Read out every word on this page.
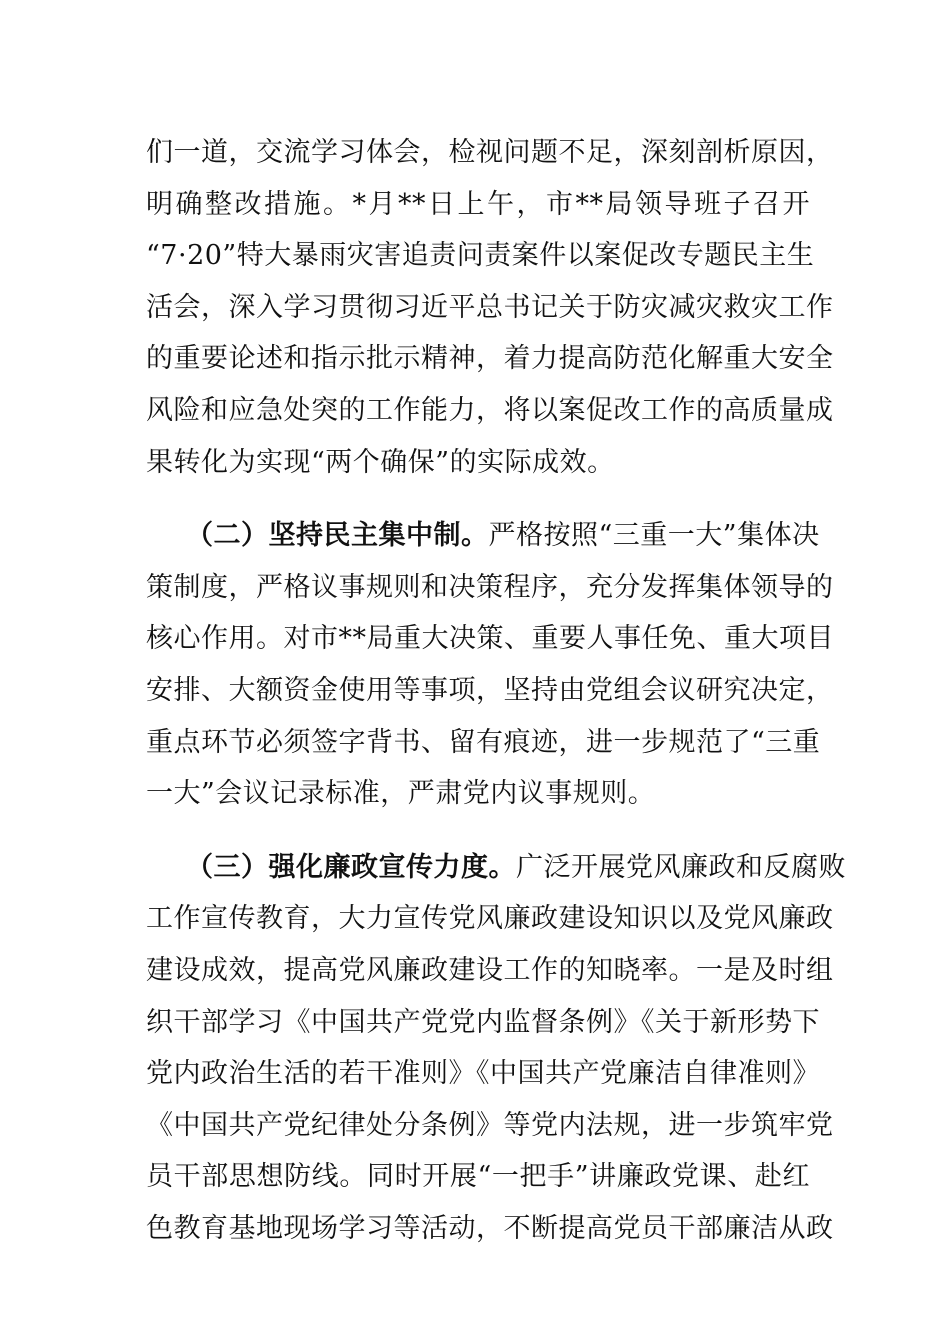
们一道，交流学习体会，检视问题不足，深刻剖析原因，
明确整改措施。*月**日上午，市**局领导班子召开
“7·20”特大暴雨灾害追责问责案件以案促改专题民主生
活会，深入学习贯彻习近平总书记关于防灾减灾救灾工作
的重要论述和指示批示精神，着力提高防范化解重大安全
风险和应急处突的工作能力，将以案促改工作的高质量成
果转化为实现“两个确保”的实际成效。

（二）坚持民主集中制。严格按照“三重一大”集体决
策制度，严格议事规则和决策程序，充分发挥集体领导的
核心作用。对市**局重大决策、重要人事任免、重大项目
安排、大额资金使用等事项，坚持由党组会议研究决定，
重点环节必须签字背书、留有痕迹，进一步规范了“三重
一大”会议记录标准，严肃党内议事规则。

（三）强化廉政宣传力度。广泛开展党风廉政和反腐败
工作宣传教育，大力宣传党风廉政建设知识以及党风廉政
建设成效，提高党风廉政建设工作的知晓率。一是及时组
织干部学习《中国共产党党内监督条例》《关于新形势下
党内政治生活的若干准则》《中国共产党廉洁自律准则》
《中国共产党纪律处分条例》等党内法规，进一步筑牢党
员干部思想防线。同时开展“一把手”讲廉政党课、赴红
色教育基地现场学习等活动，不断提高党员干部廉洁从政
